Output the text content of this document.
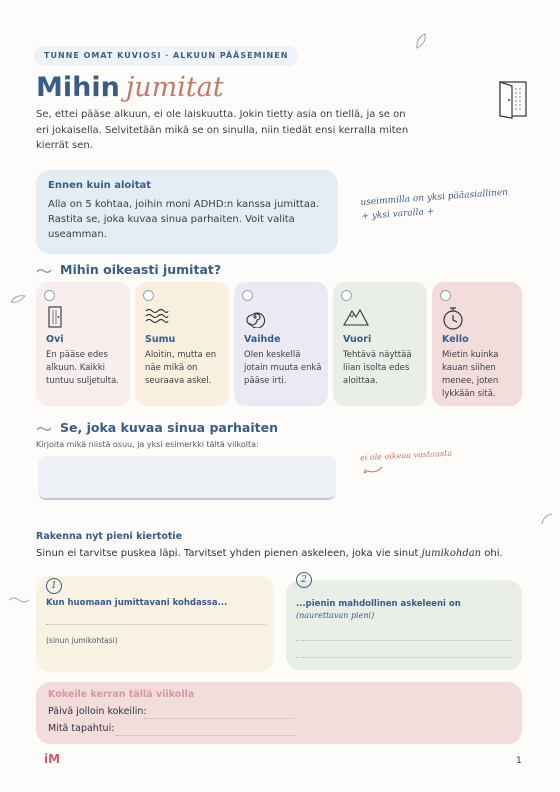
TUNNE OMAT KUVIOSI · ALKUUN PÄÄSEMINEN
Mihin jumitat
Se, ettei pääse alkuun, ei ole laiskuutta. Jokin tietty asia on tiellä, ja se on eri jokaisella. Selvitetään mikä se on sinulla, niin tiedät ensi kerralla miten kierrät sen.
Ennen kuin aloitat
Alla on 5 kohtaa, joihin moni ADHD:n kanssa jumittaa. Rastita se, joka kuvaa sinua parhaiten. Voit valita useamman.
useimmilla on yksi pääasiallinen
+ yksi varalla +
Mihin oikeasti jumitat?
Ovi
En pääse edes alkuun. Kaikki tuntuu suljetulta.
Sumu
Aloitin, mutta en näe mikä on seuraava askel.
Vaihde
Olen keskellä jotain muuta enkä pääse irti.
Vuori
Tehtävä näyttää liian isolta edes aloittaa.
Kello
Mietin kuinka kauan siihen menee, joten lykkään sitä.
Se, joka kuvaa sinua parhaiten
Kirjoita mikä niistä osuu, ja yksi esimerkki tältä viikolta:
ei ole oikeaa vastausta
Rakenna nyt pieni kiertotie
Sinun ei tarvitse puskea läpi. Tarvitset yhden pienen askeleen, joka vie sinut jumikohdan ohi.
1
Kun huomaan jumittavani kohdassa...
(sinun jumikohtasi)
2
...pienin mahdollinen askeleeni on (naurettavan pieni)
Kokeile kerran tällä viikolla
Päivä jolloin kokeilin:
Mitä tapahtui:
iM	1
